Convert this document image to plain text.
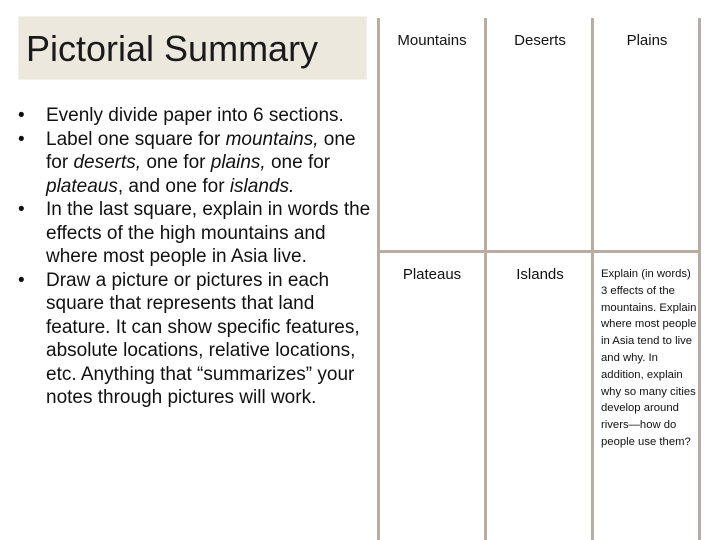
Pictorial Summary
• Evenly divide paper into 6 sections.
• Label one square for mountains, one for deserts, one for plains, one for plateaus, and one for islands.
• In the last square, explain in words the effects of the high mountains and where most people in Asia live.
• Draw a picture or pictures in each square that represents that land feature. It can show specific features, absolute locations, relative locations, etc. Anything that “summarizes” your notes through pictures will work.
Mountains	Deserts	Plains
Plateaus	Islands	Explain (in words) 3 effects of the mountains. Explain where most people in Asia tend to live and why. In addition, explain why so many cities develop around rivers—how do people use them?
